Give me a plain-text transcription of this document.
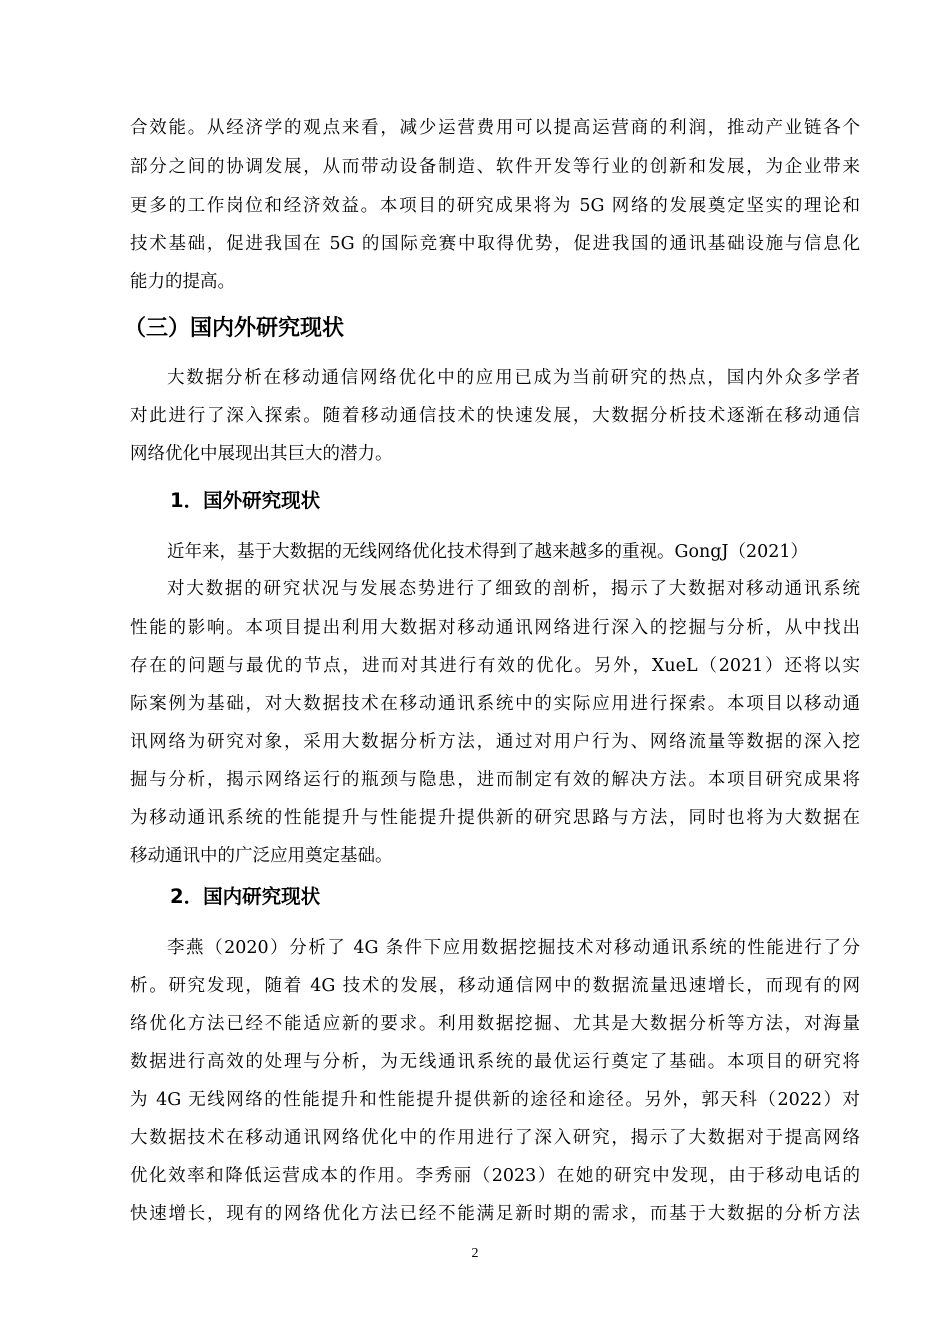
合效能。从经济学的观点来看，减少运营费用可以提高运营商的利润，推动产业链各个
部分之间的协调发展，从而带动设备制造、软件开发等行业的创新和发展，为企业带来
更多的工作岗位和经济效益。本项目的研究成果将为 5G 网络的发展奠定坚实的理论和
技术基础，促进我国在 5G 的国际竞赛中取得优势，促进我国的通讯基础设施与信息化
能力的提高。
（三）国内外研究现状
大数据分析在移动通信网络优化中的应用已成为当前研究的热点，国内外众多学者
对此进行了深入探索。随着移动通信技术的快速发展，大数据分析技术逐渐在移动通信
网络优化中展现出其巨大的潜力。
1．国外研究现状
近年来，基于大数据的无线网络优化技术得到了越来越多的重视。GongJ（2021）
对大数据的研究状况与发展态势进行了细致的剖析，揭示了大数据对移动通讯系统
性能的影响。本项目提出利用大数据对移动通讯网络进行深入的挖掘与分析，从中找出
存在的问题与最优的节点，进而对其进行有效的优化。另外，XueL（2021）还将以实
际案例为基础，对大数据技术在移动通讯系统中的实际应用进行探索。本项目以移动通
讯网络为研究对象，采用大数据分析方法，通过对用户行为、网络流量等数据的深入挖
掘与分析，揭示网络运行的瓶颈与隐患，进而制定有效的解决方法。本项目研究成果将
为移动通讯系统的性能提升与性能提升提供新的研究思路与方法，同时也将为大数据在
移动通讯中的广泛应用奠定基础。
2．国内研究现状
李燕（2020）分析了 4G 条件下应用数据挖掘技术对移动通讯系统的性能进行了分
析。研究发现，随着 4G 技术的发展，移动通信网中的数据流量迅速增长，而现有的网
络优化方法已经不能适应新的要求。利用数据挖掘、尤其是大数据分析等方法，对海量
数据进行高效的处理与分析，为无线通讯系统的最优运行奠定了基础。本项目的研究将
为 4G 无线网络的性能提升和性能提升提供新的途径和途径。另外，郭天科（2022）对
大数据技术在移动通讯网络优化中的作用进行了深入研究，揭示了大数据对于提高网络
优化效率和降低运营成本的作用。李秀丽（2023）在她的研究中发现，由于移动电话的
快速增长，现有的网络优化方法已经不能满足新时期的需求，而基于大数据的分析方法
2
